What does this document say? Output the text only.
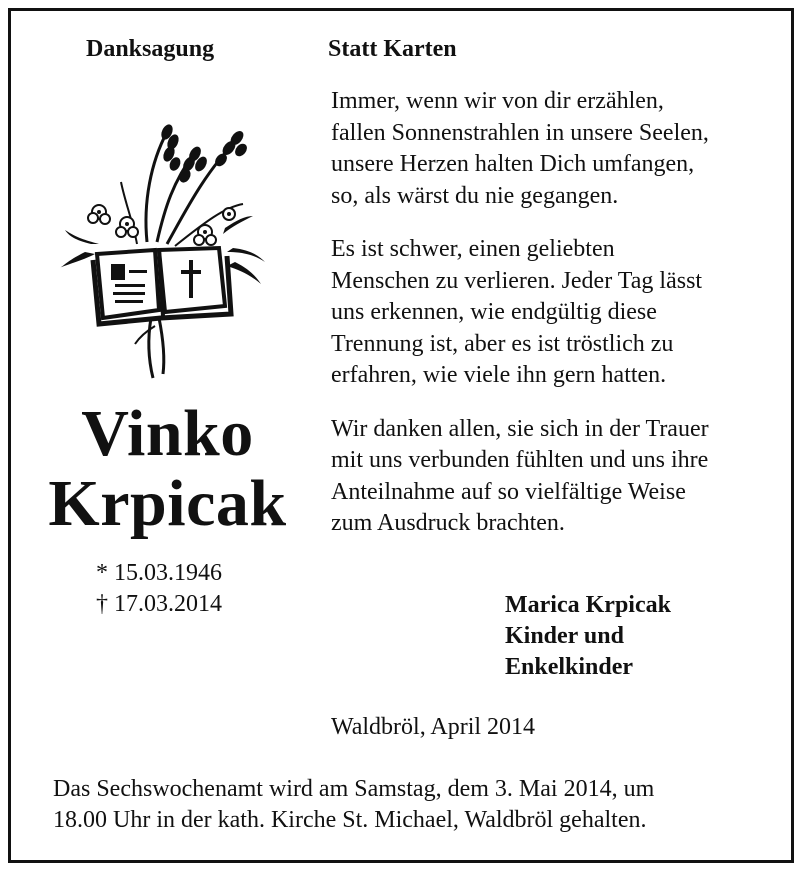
Danksagung	Statt Karten
Vinko
Krpicak
* 15.03.1946
† 17.03.2014

Immer, wenn wir von dir erzählen,
fallen Sonnenstrahlen in unsere Seelen,
unsere Herzen halten Dich umfangen,
so, als wärst du nie gegangen.

Es ist schwer, einen geliebten
Menschen zu verlieren. Jeder Tag lässt
uns erkennen, wie endgültig diese
Trennung ist, aber es ist tröstlich zu
erfahren, wie viele ihn gern hatten.

Wir danken allen, sie sich in der Trauer
mit uns verbunden fühlten und uns ihre
Anteilnahme auf so vielfältige Weise
zum Ausdruck brachten.

Marica Krpicak
Kinder und
Enkelkinder
Waldbröl, April 2014
Das Sechswochenamt wird am Samstag, dem 3. Mai 2014, um
18.00 Uhr in der kath. Kirche St. Michael, Waldbröl gehalten.
